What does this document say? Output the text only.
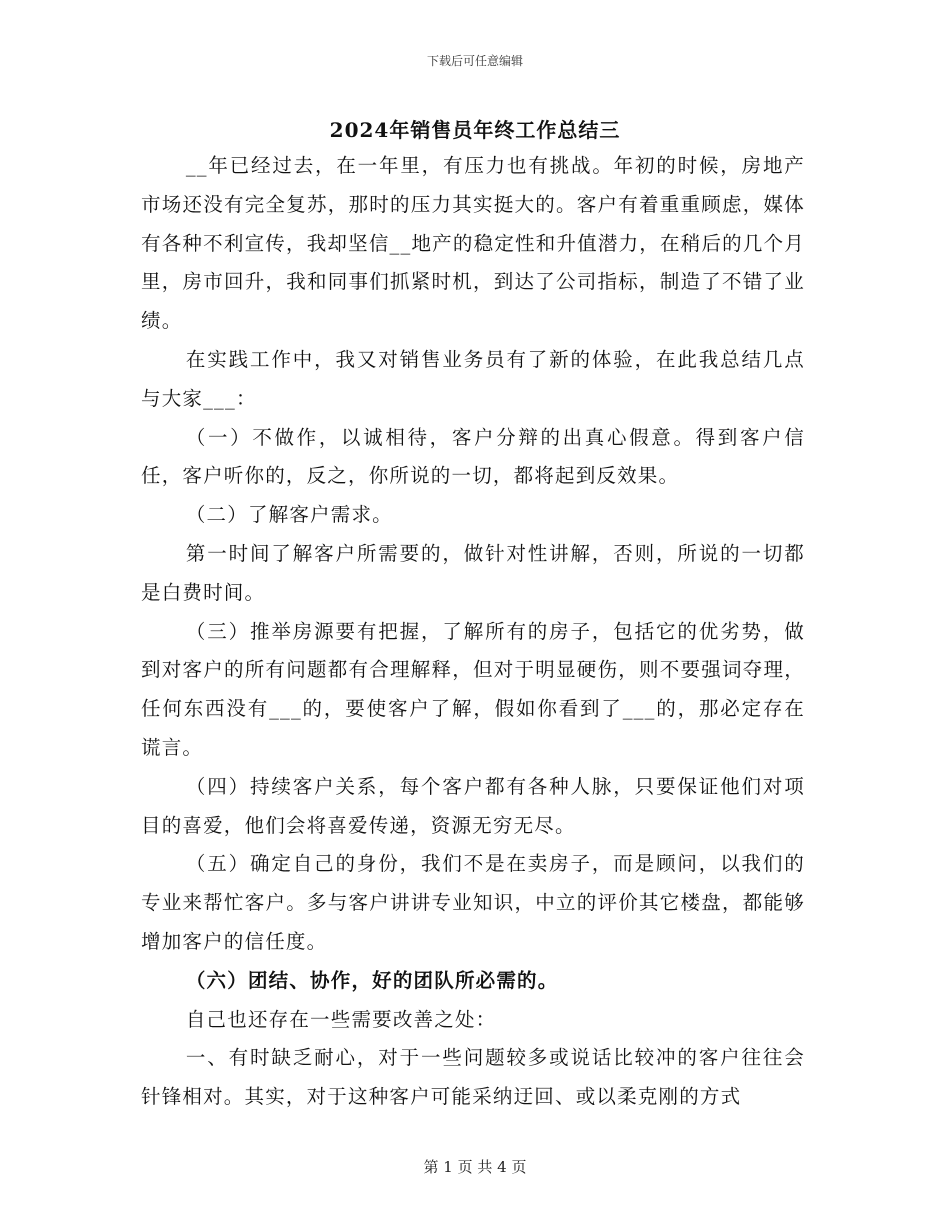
下载后可任意编辑
2024年销售员年终工作总结三

__年已经过去，在一年里，有压力也有挑战。年初的时候，房地产市场还没有完全复苏，那时的压力其实挺大的。客户有着重重顾虑，媒体有各种不利宣传，我却坚信__地产的稳定性和升值潜力，在稍后的几个月里，房市回升，我和同事们抓紧时机，到达了公司指标，制造了不错了业绩。

在实践工作中，我又对销售业务员有了新的体验，在此我总结几点与大家___：

（一）不做作，以诚相待，客户分辩的出真心假意。得到客户信任，客户听你的，反之，你所说的一切，都将起到反效果。

（二）了解客户需求。

第一时间了解客户所需要的，做针对性讲解，否则，所说的一切都是白费时间。

（三）推举房源要有把握，了解所有的房子，包括它的优劣势，做到对客户的所有问题都有合理解释，但对于明显硬伤，则不要强词夺理，任何东西没有___的，要使客户了解，假如你看到了___的，那必定存在谎言。

（四）持续客户关系，每个客户都有各种人脉，只要保证他们对项目的喜爱，他们会将喜爱传递，资源无穷无尽。

（五）确定自己的身份，我们不是在卖房子，而是顾问，以我们的专业来帮忙客户。多与客户讲讲专业知识，中立的评价其它楼盘，都能够增加客户的信任度。

（六）团结、协作，好的团队所必需的。

自己也还存在一些需要改善之处：

一、有时缺乏耐心，对于一些问题较多或说话比较冲的客户往往会针锋相对。其实，对于这种客户可能采纳迂回、或以柔克刚的方式

第 1 页 共 4 页
